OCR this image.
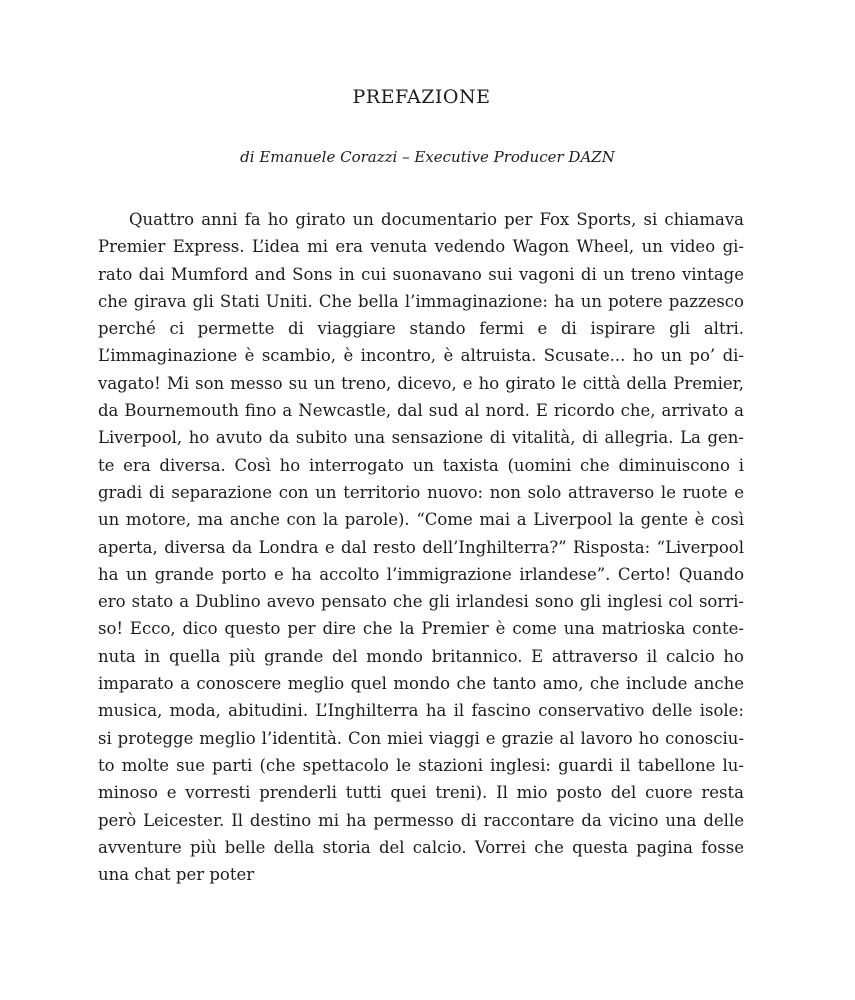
PREFAZIONE

di Emanuele Corazzi – Executive Producer DAZN

Quattro anni fa ho girato un documentario per Fox Sports, si chiamava
Premier Express. L’idea mi era venuta vedendo Wagon Wheel, un video gi-
rato dai Mumford and Sons in cui suonavano sui vagoni di un treno vintage
che girava gli Stati Uniti. Che bella l’immaginazione: ha un potere pazzesco
perché ci permette di viaggiare stando fermi e di ispirare gli altri.
L’immaginazione è scambio, è incontro, è altruista. Scusate... ho un po’ di-
vagato! Mi son messo su un treno, dicevo, e ho girato le città della Premier,
da Bournemouth fino a Newcastle, dal sud al nord. E ricordo che, arrivato a
Liverpool, ho avuto da subito una sensazione di vitalità, di allegria. La gen-
te era diversa. Così ho interrogato un taxista (uomini che diminuiscono i
gradi di separazione con un territorio nuovo: non solo attraverso le ruote e
un motore, ma anche con la parole). “Come mai a Liverpool la gente è così
aperta, diversa da Londra e dal resto dell’Inghilterra?” Risposta: “Liverpool
ha un grande porto e ha accolto l’immigrazione irlandese”. Certo! Quando
ero stato a Dublino avevo pensato che gli irlandesi sono gli inglesi col sorri-
so! Ecco, dico questo per dire che la Premier è come una matrioska conte-
nuta in quella più grande del mondo britannico. E attraverso il calcio ho
imparato a conoscere meglio quel mondo che tanto amo, che include anche
musica, moda, abitudini. L’Inghilterra ha il fascino conservativo delle isole:
si protegge meglio l’identità. Con miei viaggi e grazie al lavoro ho conosciu-
to molte sue parti (che spettacolo le stazioni inglesi: guardi il tabellone lu-
minoso e vorresti prenderli tutti quei treni). Il mio posto del cuore resta
però Leicester. Il destino mi ha permesso di raccontare da vicino una delle
avventure più belle della storia del calcio. Vorrei che questa pagina fosse
una chat per poter
